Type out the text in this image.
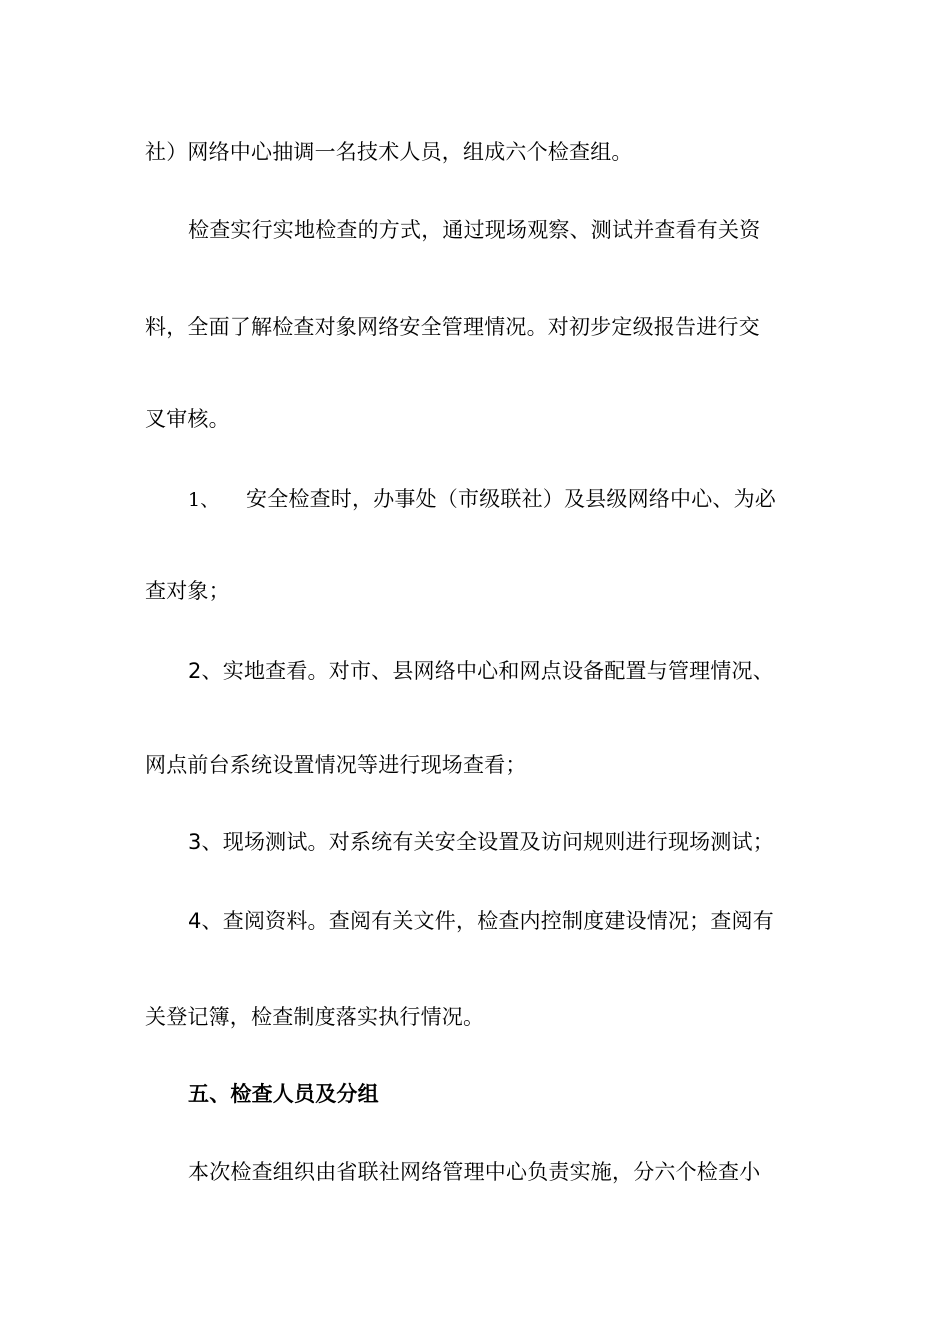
社）网络中心抽调一名技术人员，组成六个检查组。
检查实行实地检查的方式，通过现场观察、测试并查看有关资
料，全面了解检查对象网络安全管理情况。对初步定级报告进行交
叉审核。
1、 安全检查时，办事处（市级联社）及县级网络中心、为必
查对象；
2、实地查看。对市、县网络中心和网点设备配置与管理情况、
网点前台系统设置情况等进行现场查看；
3、现场测试。对系统有关安全设置及访问规则进行现场测试；
4、查阅资料。查阅有关文件，检查内控制度建设情况；查阅有
关登记簿，检查制度落实执行情况。
五、检查人员及分组
本次检查组织由省联社网络管理中心负责实施，分六个检查小
